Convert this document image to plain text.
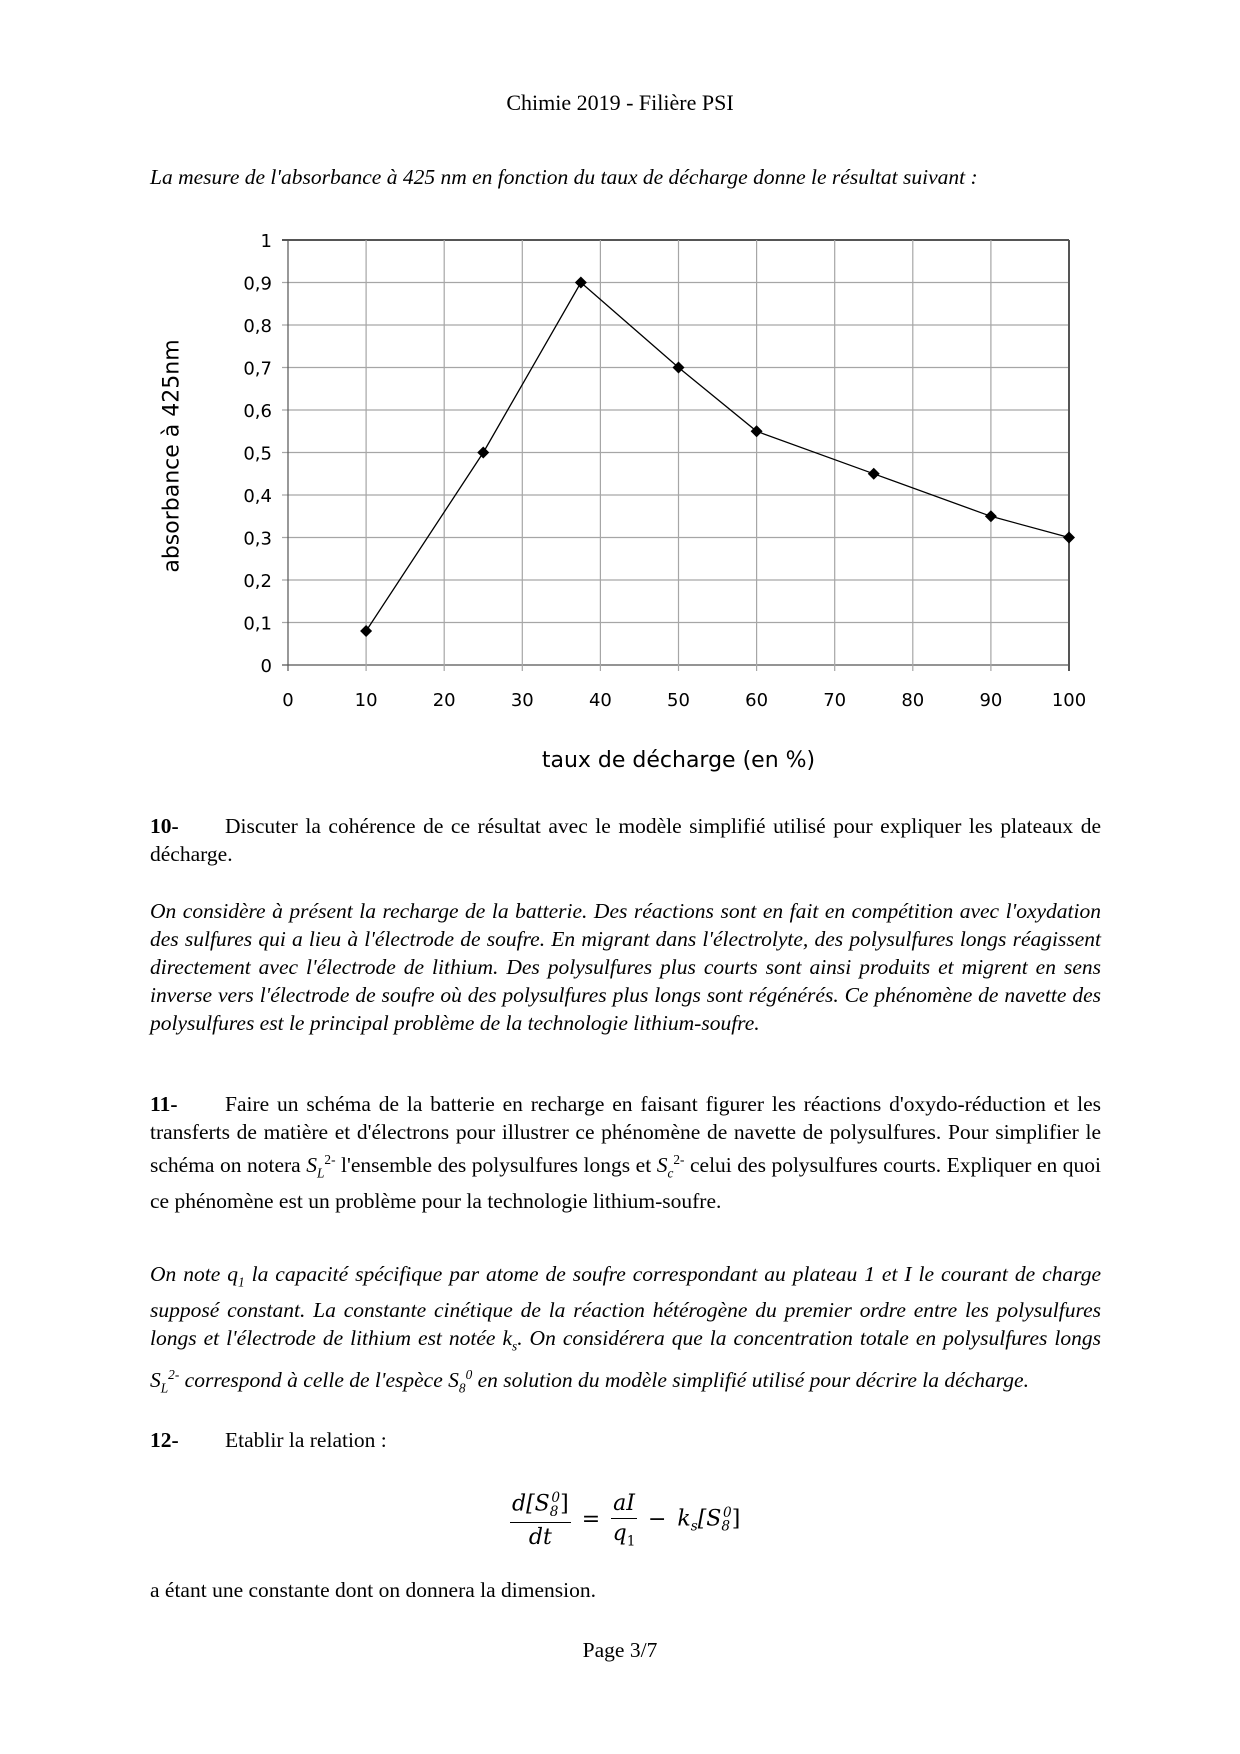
Chimie 2019 - Filière PSI
La mesure de l'absorbance à 425 nm en fonction du taux de décharge donne le résultat suivant :
0
0,1
0,2
0,3
0,4
0,5
0,6
0,7
0,8
0,9
1
0	10	20	30	40	50	60	70	80	90	100
absorbance à 425nm
taux de décharge (en %)
10- Discuter la cohérence de ce résultat avec le modèle simplifié utilisé pour expliquer les plateaux de décharge.
On considère à présent la recharge de la batterie. Des réactions sont en fait en compétition avec l'oxydation des sulfures qui a lieu à l'électrode de soufre. En migrant dans l'électrolyte, des polysulfures longs réagissent directement avec l'électrode de lithium. Des polysulfures plus courts sont ainsi produits et migrent en sens inverse vers l'électrode de soufre où des polysulfures plus longs sont régénérés. Ce phénomène de navette des polysulfures est le principal problème de la technologie lithium-soufre.
11- Faire un schéma de la batterie en recharge en faisant figurer les réactions d'oxydo-réduction et les transferts de matière et d'électrons pour illustrer ce phénomène de navette de polysulfures. Pour simplifier le schéma on notera $S_L^{2-}$ l'ensemble des polysulfures longs et $S_c^{2-}$ celui des polysulfures courts. Expliquer en quoi ce phénomène est un problème pour la technologie lithium-soufre.
On note $q_1$ la capacité spécifique par atome de soufre correspondant au plateau 1 et I le courant de charge supposé constant. La constante cinétique de la réaction hétérogène du premier ordre entre les polysulfures longs et l'électrode de lithium est notée $k_s$. On considérera que la concentration totale en polysulfures longs $S_L^{2-}$ correspond à celle de l'espèce $S_8^0$ en solution du modèle simplifié utilisé pour décrire la décharge.
12- Etablir la relation :
$\frac{d[S_8^0]}{dt} = \frac{aI}{q_1} - k_s[S_8^0]$
a étant une constante dont on donnera la dimension.
Page 3/7
